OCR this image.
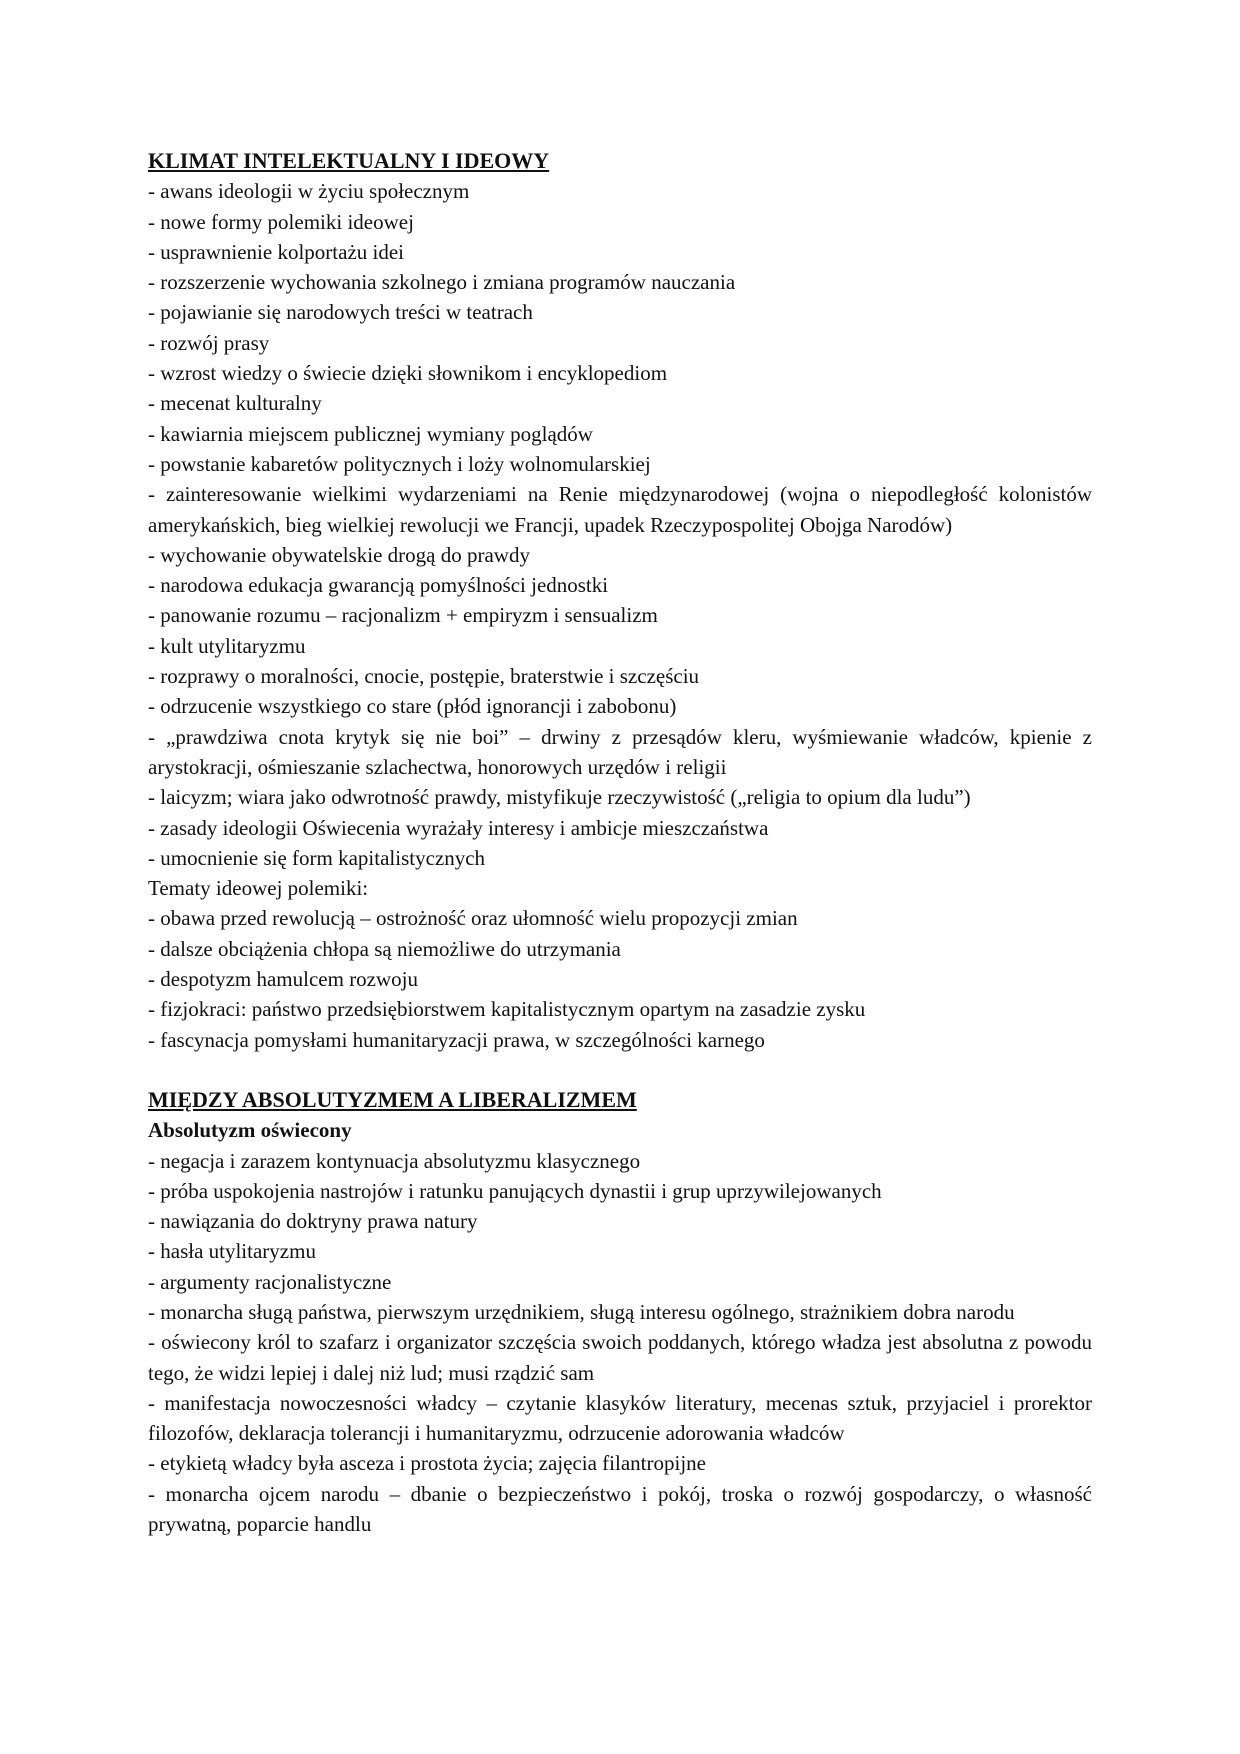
KLIMAT INTELEKTUALNY I IDEOWY
- awans ideologii w życiu społecznym
- nowe formy polemiki ideowej
- usprawnienie kolportażu idei
- rozszerzenie wychowania szkolnego i zmiana programów nauczania
- pojawianie się narodowych treści w teatrach
- rozwój prasy
- wzrost wiedzy o świecie dzięki słownikom i encyklopediom
- mecenat kulturalny
- kawiarnia miejscem publicznej wymiany poglądów
- powstanie kabaretów politycznych i loży wolnomularskiej
- zainteresowanie wielkimi wydarzeniami na Renie międzynarodowej (wojna o niepodległość kolonistów amerykańskich, bieg wielkiej rewolucji we Francji, upadek Rzeczypospolitej Obojga Narodów)
- wychowanie obywatelskie drogą do prawdy
- narodowa edukacja gwarancją pomyślności jednostki
- panowanie rozumu – racjonalizm + empiryzm i sensualizm
- kult utylitaryzmu
- rozprawy o moralności, cnocie, postępie, braterstwie i szczęściu
- odrzucenie wszystkiego co stare (płód ignorancji i zabobonu)
- „prawdziwa cnota krytyk się nie boi” – drwiny z przesądów kleru, wyśmiewanie władców, kpienie z arystokracji, ośmieszanie szlachectwa, honorowych urzędów i religii
- laicyzm; wiara jako odwrotność prawdy, mistyfikuje rzeczywistość („religia to opium dla ludu”)
- zasady ideologii Oświecenia wyrażały interesy i ambicje mieszczaństwa
- umocnienie się form kapitalistycznych
Tematy ideowej polemiki:
- obawa przed rewolucją – ostrożność oraz ułomność wielu propozycji zmian
- dalsze obciążenia chłopa są niemożliwe do utrzymania
- despotyzm hamulcem rozwoju
- fizjokraci: państwo przedsiębiorstwem kapitalistycznym opartym na zasadzie zysku
- fascynacja pomysłami humanitaryzacji prawa, w szczególności karnego
MIĘDZY ABSOLUTYZMEM A LIBERALIZMEM
Absolutyzm oświecony
- negacja i zarazem kontynuacja absolutyzmu klasycznego
- próba uspokojenia nastrojów i ratunku panujących dynastii i grup uprzywilejowanych
- nawiązania do doktryny prawa natury
- hasła utylitaryzmu
- argumenty racjonalistyczne
- monarcha sługą państwa, pierwszym urzędnikiem, sługą interesu ogólnego, strażnikiem dobra narodu
- oświecony król to szafarz i organizator szczęścia swoich poddanych, którego władza jest absolutna z powodu tego, że widzi lepiej i dalej niż lud; musi rządzić sam
- manifestacja nowoczesności władcy – czytanie klasyków literatury, mecenas sztuk, przyjaciel i prorektor filozofów, deklaracja tolerancji i humanitaryzmu, odrzucenie adorowania władców
- etykietą władcy była asceza i prostota życia; zajęcia filantropijne
- monarcha ojcem narodu – dbanie o bezpieczeństwo i pokój, troska o rozwój gospodarczy, o własność prywatną, poparcie handlu
